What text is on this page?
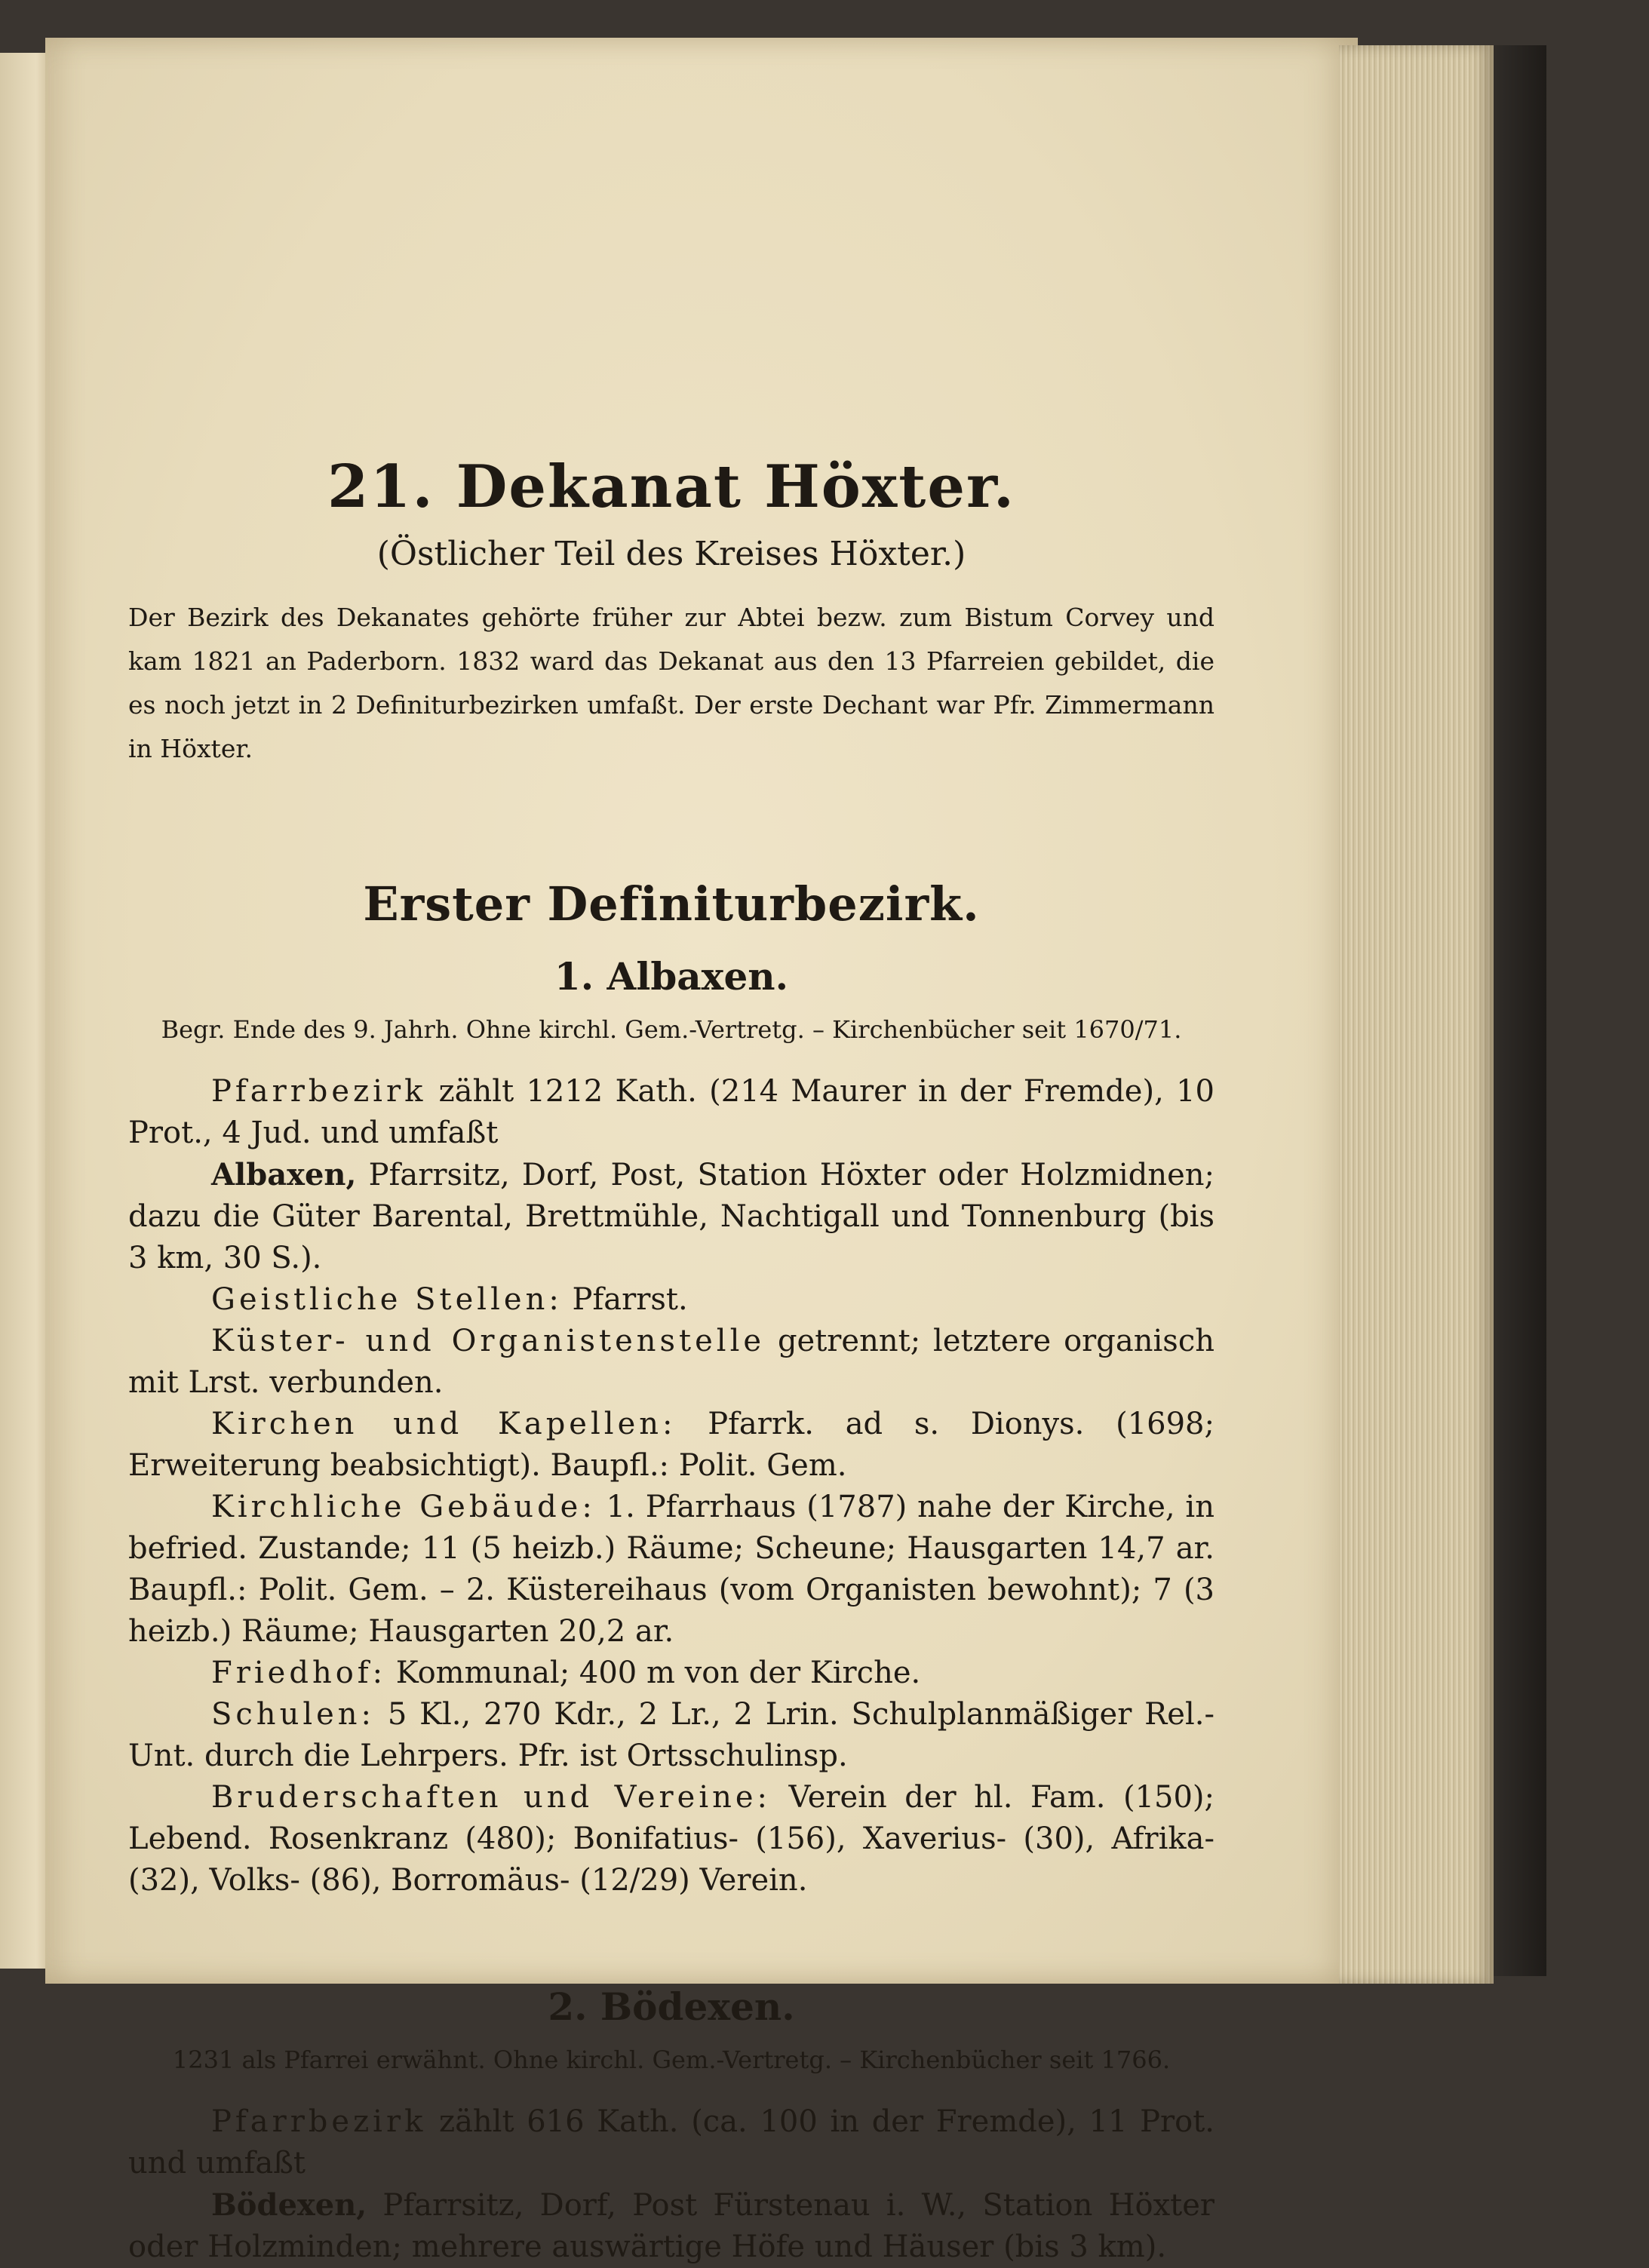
21. Dekanat Höxter.
(Östlicher Teil des Kreises Höxter.)
Der Bezirk des Dekanates gehörte früher zur Abtei bezw. zum Bistum Corvey und kam 1821 an Paderborn. 1832 ward das Dekanat aus den 13 Pfarreien gebildet, die es noch jetzt in 2 Definiturbezirken umfaßt. Der erste Dechant war Pfr. Zimmermann in Höxter.
Erster Definiturbezirk.
1. Albaxen.
Begr. Ende des 9. Jahrh. Ohne kirchl. Gem.-Vertretg. – Kirchenbücher seit 1670/71.

Pfarrbezirk zählt 1212 Kath. (214 Maurer in der Fremde), 10 Prot., 4 Jud. und umfaßt

Albaxen, Pfarrsitz, Dorf, Post, Station Höxter oder Holzmidnen; dazu die Güter Barental, Brettmühle, Nachtigall und Tonnenburg (bis 3 km, 30 S.).

Geistliche Stellen: Pfarrst.

Küster- und Organistenstelle getrennt; letztere organisch mit Lrst. verbunden.

Kirchen und Kapellen: Pfarrk. ad s. Dionys. (1698; Erweiterung beabsichtigt). Baupfl.: Polit. Gem.

Kirchliche Gebäude: 1. Pfarrhaus (1787) nahe der Kirche, in befried. Zustande; 11 (5 heizb.) Räume; Scheune; Hausgarten 14,7 ar. Baupfl.: Polit. Gem. – 2. Küstereihaus (vom Organisten bewohnt); 7 (3 heizb.) Räume; Hausgarten 20,2 ar.

Friedhof: Kommunal; 400 m von der Kirche.

Schulen: 5 Kl., 270 Kdr., 2 Lr., 2 Lrin. Schulplanmäßiger Rel.-Unt. durch die Lehrpers. Pfr. ist Ortsschulinsp.

Bruderschaften und Vereine: Verein der hl. Fam. (150); Lebend. Rosenkranz (480); Bonifatius- (156), Xaverius- (30), Afrika- (32), Volks- (86), Borromäus- (12/29) Verein.

2. Bödexen.
1231 als Pfarrei erwähnt. Ohne kirchl. Gem.-Vertretg. – Kirchenbücher seit 1766.

Pfarrbezirk zählt 616 Kath. (ca. 100 in der Fremde), 11 Prot. und umfaßt

Bödexen, Pfarrsitz, Dorf, Post Fürstenau i. W., Station Höxter oder Holzminden; mehrere auswärtige Höfe und Häuser (bis 3 km).
